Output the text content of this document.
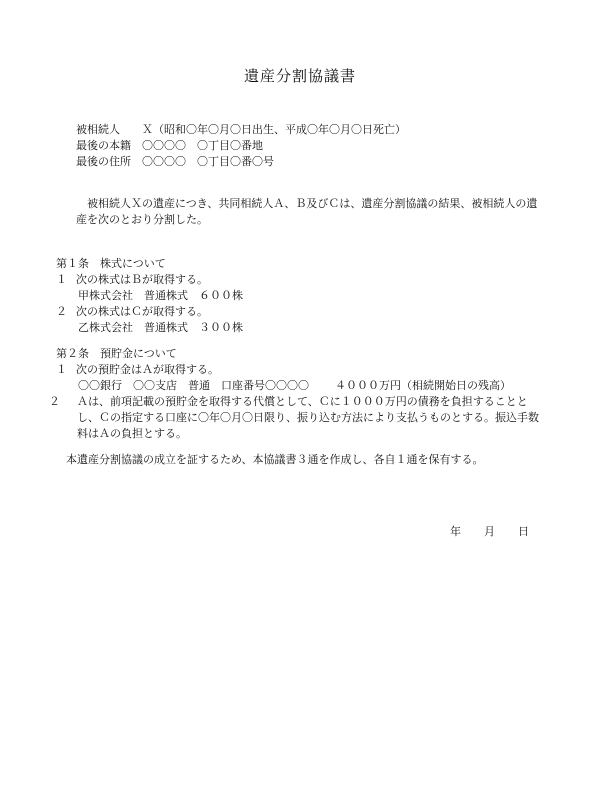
遺産分割協議書
被相続人 Ｘ（昭和〇年〇月〇日出生、平成〇年〇月〇日死亡）
最後の本籍 〇〇〇〇　〇丁目〇番地
最後の住所 〇〇〇〇　〇丁目〇番〇号
被相続人Ｘの遺産につき、共同相続人Ａ、Ｂ及びＣは、遺産分割協議の結果、被相続人の遺産を次のとおり分割した。
第１条　株式について
１ 次の株式はＢが取得する。
甲株式会社　普通株式　６００株
２ 次の株式はＣが取得する。
乙株式会社　普通株式　３００株
第２条　預貯金について
１ 次の預貯金はＡが取得する。
〇〇銀行　〇〇支店　普通　口座番号〇〇〇〇 ４０００万円（相続開始日の残高）
２ Ａは、前項記載の預貯金を取得する代償として、Ｃに１０００万円の債務を負担することとし、Ｃの指定する口座に〇年〇月〇日限り、振り込む方法により支払うものとする。振込手数料はＡの負担とする。
本遺産分割協議の成立を証するため、本協議書３通を作成し、各自１通を保有する。
年 月 日
